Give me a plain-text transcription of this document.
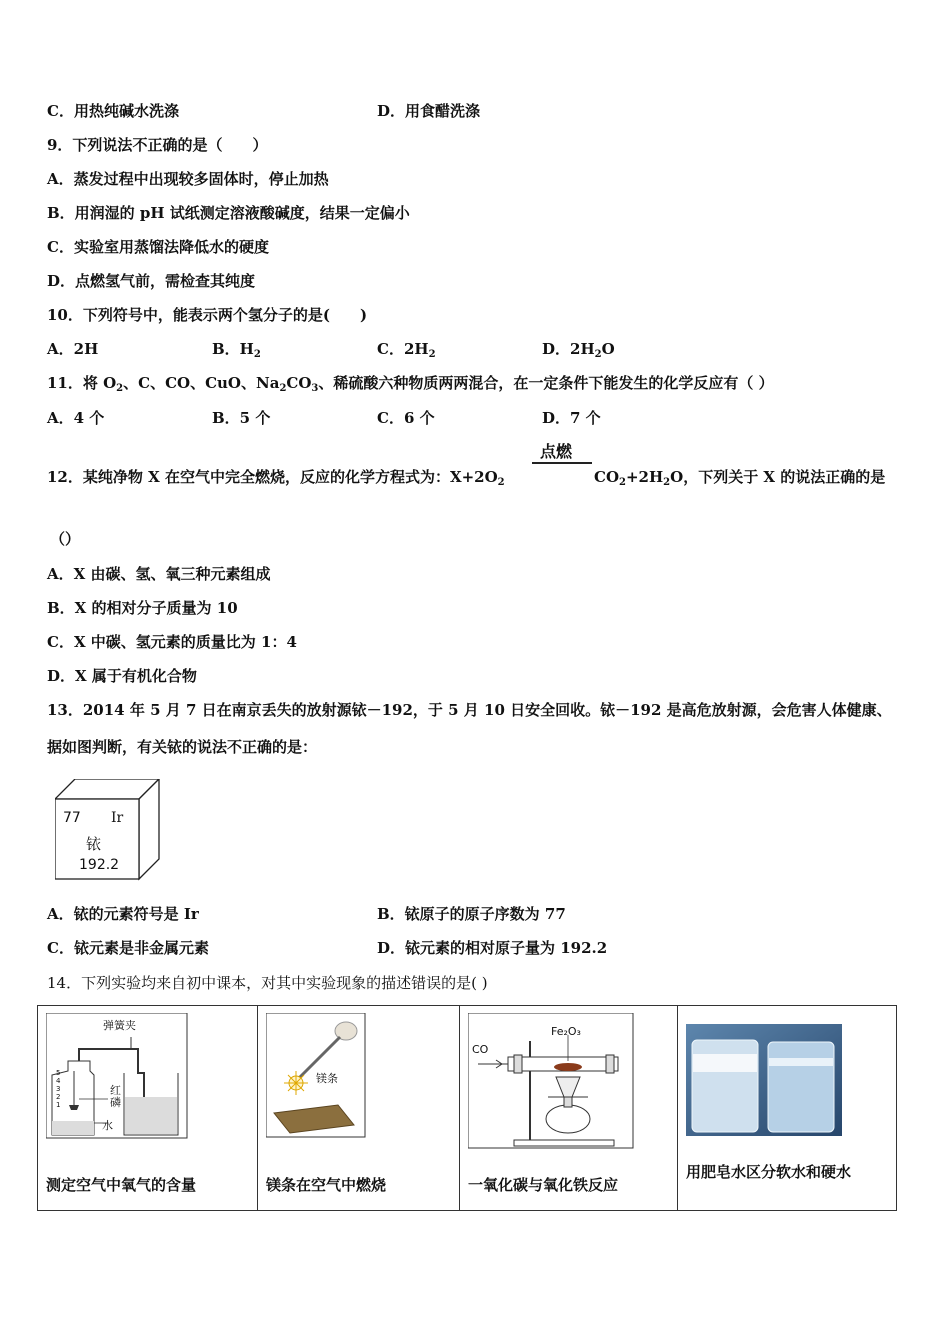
C．用热纯碱水洗涤	D．用食醋洗涤
9．下列说法不正确的是（　　）
A．蒸发过程中出现较多固体时，停止加热
B．用润湿的 pH 试纸测定溶液酸碱度，结果一定偏小
C．实验室用蒸馏法降低水的硬度
D．点燃氢气前，需检查其纯度
10．下列符号中，能表示两个氢分子的是(　　)
A．2H	B．$H_2$	C．$2H_2$	D．$2H_2O$
11．将 $O_2$、C、CO、CuO、$Na_2CO_3$、稀硫酸六种物质两两混合，在一定条件下能发生的化学反应有（ ）
A．4 个	B．5 个	C．6 个	D．7 个
点燃
12．某纯净物 X 在空气中完全燃烧，反应的化学方程式为：$X+2O_2$	$CO_2+2H_2O$，下列关于 X 的说法正确的是
（）
A．X 由碳、氢、氧三种元素组成
B．X 的相对分子质量为 10
C．X 中碳、氢元素的质量比为 1：4
D．X 属于有机化合物
13．2014 年 5 月 7 日在南京丢失的放射源铱－192，于 5 月 10 日安全回收。铱－192 是高危放射源，会危害人体健康、
据如图判断，有关铱的说法不正确的是：
77 Ir
铱
192.2
A．铱的元素符号是 Ir	B．铱原子的原子序数为 77
C．铱元素是非金属元素	D．铱元素的相对原子量为 192.2
14．下列实验均来自初中课本，对其中实验现象的描述错误的是( )
弹簧夹
红
磷
水
5
4
3
2
1
测定空气中氧气的含量

镁条
镁条在空气中燃烧

CO
Fe₂O₃
一氧化碳与氧化铁反应

用肥皂水区分软水和硬水
